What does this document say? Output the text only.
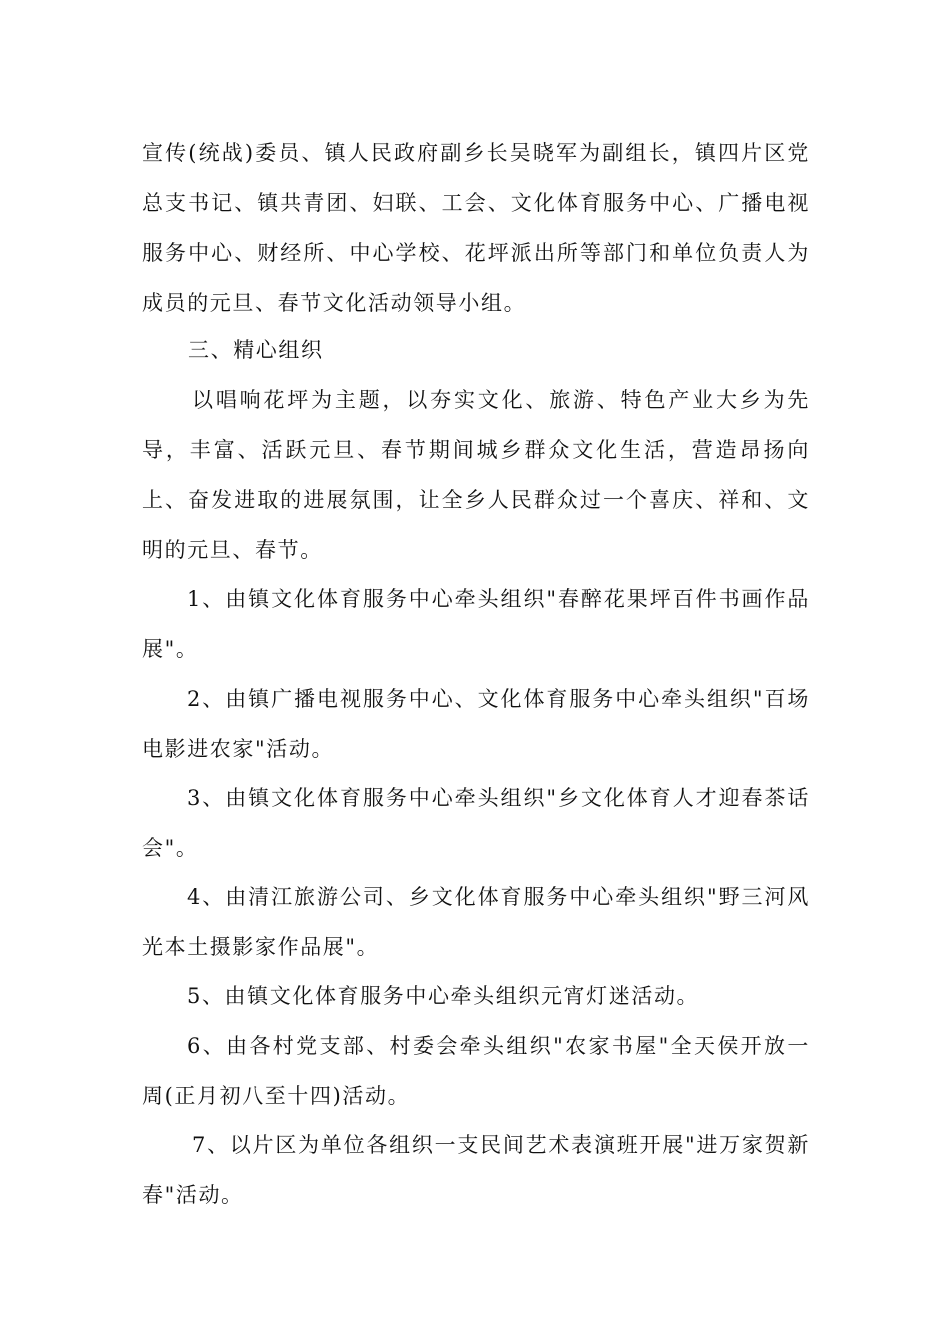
宣传(统战)委员、镇人民政府副乡长吴晓军为副组长，镇四片区党总支书记、镇共青团、妇联、工会、文化体育服务中心、广播电视服务中心、财经所、中心学校、花坪派出所等部门和单位负责人为成员的元旦、春节文化活动领导小组。

三、精心组织

以唱响花坪为主题，以夯实文化、旅游、特色产业大乡为先导，丰富、活跃元旦、春节期间城乡群众文化生活，营造昂扬向上、奋发进取的进展氛围，让全乡人民群众过一个喜庆、祥和、文明的元旦、春节。

1、由镇文化体育服务中心牵头组织"春醉花果坪百件书画作品展"。

2、由镇广播电视服务中心、文化体育服务中心牵头组织"百场电影进农家"活动。

3、由镇文化体育服务中心牵头组织"乡文化体育人才迎春茶话会"。

4、由清江旅游公司、乡文化体育服务中心牵头组织"野三河风光本土摄影家作品展"。

5、由镇文化体育服务中心牵头组织元宵灯迷活动。

6、由各村党支部、村委会牵头组织"农家书屋"全天侯开放一周(正月初八至十四)活动。

7、以片区为单位各组织一支民间艺术表演班开展"进万家贺新春"活动。
